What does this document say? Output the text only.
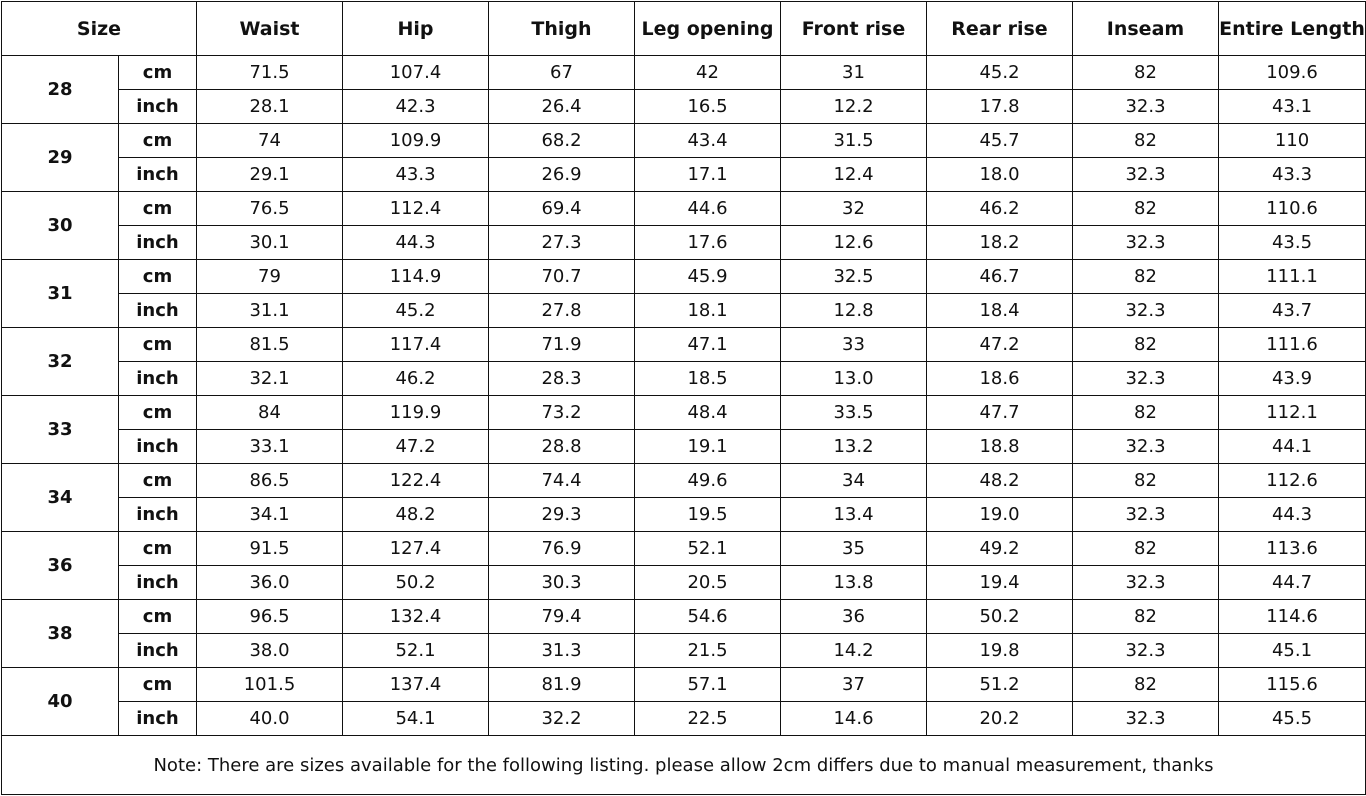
Size		Waist	Hip	Thigh	Leg opening	Front rise	Rear rise	Inseam	Entire Length
28	cm	71.5	107.4	67	42	31	45.2	82	109.6
	inch	28.1	42.3	26.4	16.5	12.2	17.8	32.3	43.1
29	cm	74	109.9	68.2	43.4	31.5	45.7	82	110
	inch	29.1	43.3	26.9	17.1	12.4	18.0	32.3	43.3
30	cm	76.5	112.4	69.4	44.6	32	46.2	82	110.6
	inch	30.1	44.3	27.3	17.6	12.6	18.2	32.3	43.5
31	cm	79	114.9	70.7	45.9	32.5	46.7	82	111.1
	inch	31.1	45.2	27.8	18.1	12.8	18.4	32.3	43.7
32	cm	81.5	117.4	71.9	47.1	33	47.2	82	111.6
	inch	32.1	46.2	28.3	18.5	13.0	18.6	32.3	43.9
33	cm	84	119.9	73.2	48.4	33.5	47.7	82	112.1
	inch	33.1	47.2	28.8	19.1	13.2	18.8	32.3	44.1
34	cm	86.5	122.4	74.4	49.6	34	48.2	82	112.6
	inch	34.1	48.2	29.3	19.5	13.4	19.0	32.3	44.3
36	cm	91.5	127.4	76.9	52.1	35	49.2	82	113.6
	inch	36.0	50.2	30.3	20.5	13.8	19.4	32.3	44.7
38	cm	96.5	132.4	79.4	54.6	36	50.2	82	114.6
	inch	38.0	52.1	31.3	21.5	14.2	19.8	32.3	45.1
40	cm	101.5	137.4	81.9	57.1	37	51.2	82	115.6
	inch	40.0	54.1	32.2	22.5	14.6	20.2	32.3	45.5
Note: There are sizes available for the following listing. please allow 2cm differs due to manual measurement, thanks									
